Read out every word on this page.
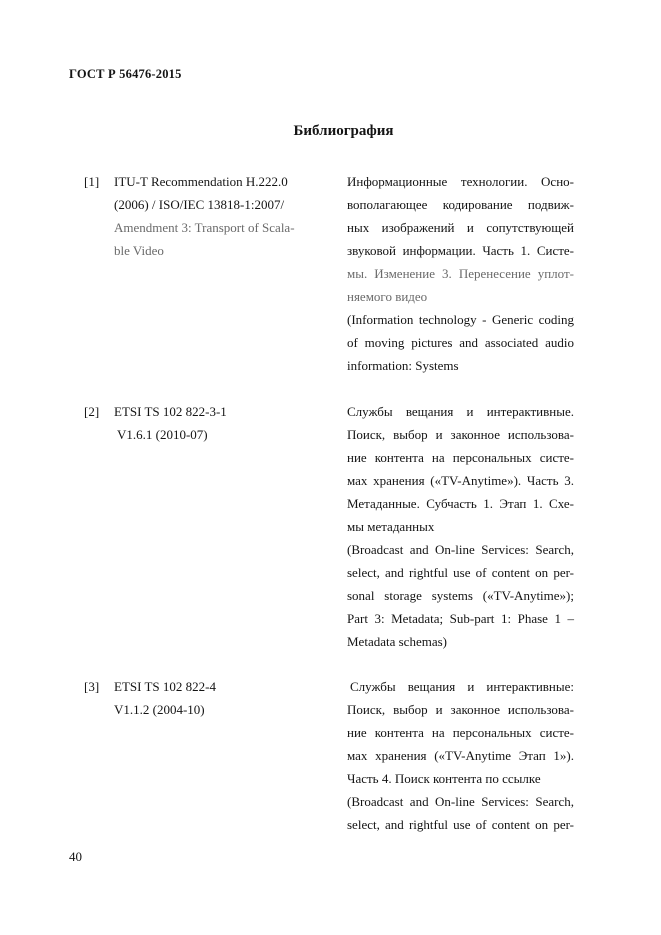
ГОСТ Р 56476-2015
Библиография
[1] ITU-T Recommendation H.222.0
(2006) / ISO/IEC 13818-1:2007/
Amendment 3: Transport of Scala-
ble Video
Информационные технологии. Осно-
вополагающее кодирование подвиж-
ных изображений и сопутствующей
звуковой информации. Часть 1. Систе-
мы. Изменение 3. Перенесение уплот-
няемого видео
(Information technology - Generic coding
of moving pictures and associated audio
information: Systems
[2] ETSI TS 102 822-3-1
V1.6.1 (2010-07)
Службы вещания и интерактивные.
Поиск, выбор и законное использова-
ние контента на персональных систе-
мах хранения («TV-Anytime»). Часть 3.
Метаданные. Субчасть 1. Этап 1. Схе-
мы метаданных
(Broadcast and On-line Services: Search,
select, and rightful use of content on per-
sonal storage systems («TV-Anytime»);
Part 3: Metadata; Sub-part 1: Phase 1 –
Metadata schemas)
[3] ETSI TS 102 822-4
V1.1.2 (2004-10)
Службы вещания и интерактивные:
Поиск, выбор и законное использова-
ние контента на персональных систе-
мах хранения («TV-Anytime Этап 1»).
Часть 4. Поиск контента по ссылке
(Broadcast and On-line Services: Search,
select, and rightful use of content on per-
40
